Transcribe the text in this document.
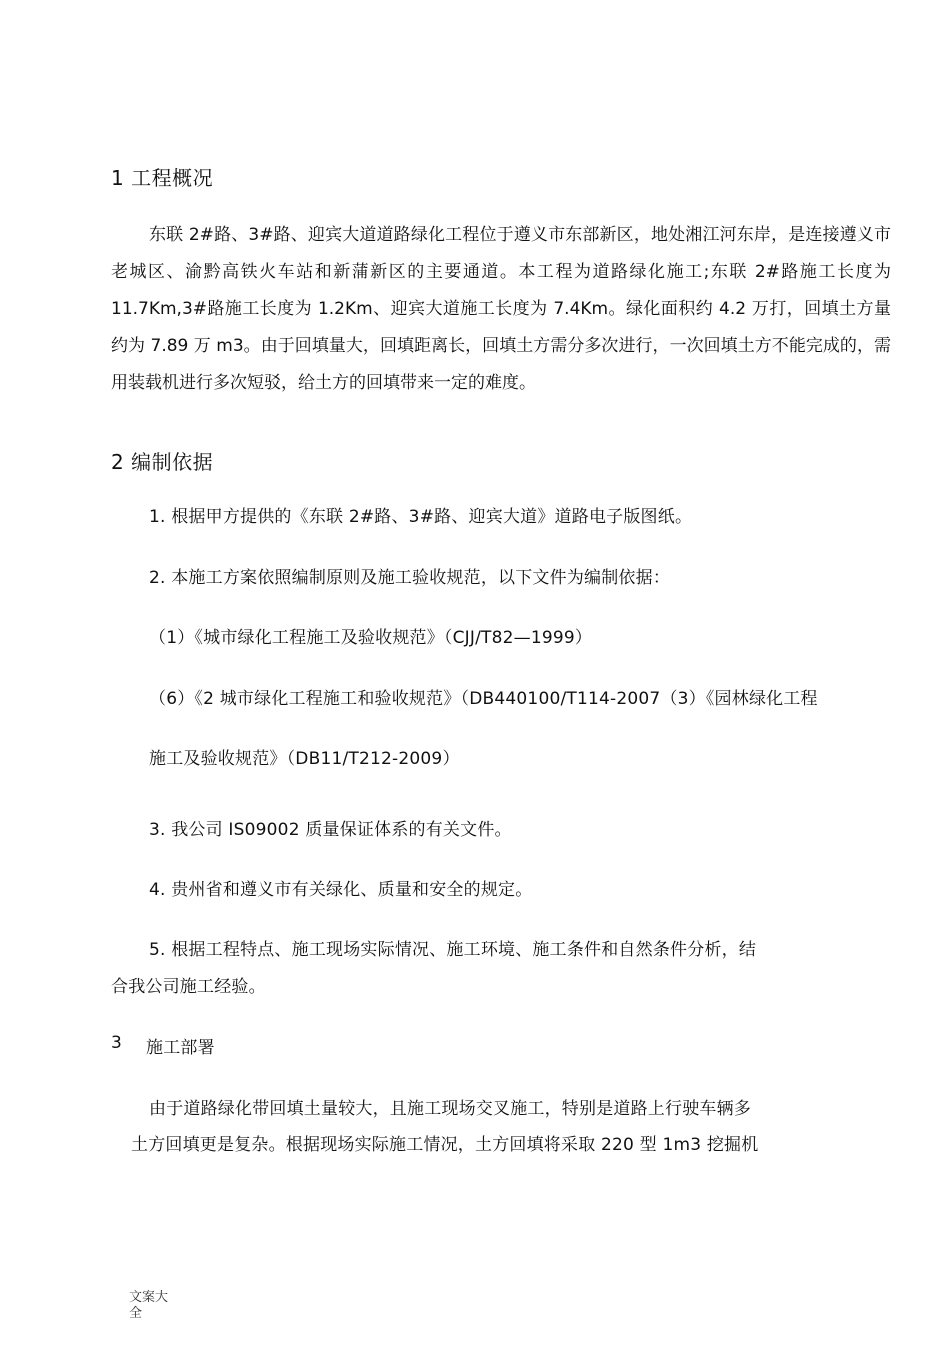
1 工程概况
东联 2#路、3#路、迎宾大道道路绿化工程位于遵义市东部新区，地处湘江河东岸，是连接遵义市老城区、渝黔高铁火车站和新蒲新区的主要通道。本工程为道路绿化施工;东联 2#路施工长度为 11.7Km,3#路施工长度为 1.2Km、迎宾大道施工长度为 7.4Km。绿化面积约 4.2 万打，回填土方量约为 7.89 万 m3。由于回填量大，回填距离长，回填土方需分多次进行，一次回填土方不能完成的，需用装载机进行多次短驳，给土方的回填带来一定的难度。
2 编制依据
1. 根据甲方提供的《东联 2#路、3#路、迎宾大道》道路电子版图纸。
2. 本施工方案依照编制原则及施工验收规范，以下文件为编制依据：
（1）《城市绿化工程施工及验收规范》（CJJ/T82—1999）
（6）《2 城市绿化工程施工和验收规范》（DB440100/T114-2007（3）《园林绿化工程
施工及验收规范》（DB11/T212-2009）
3. 我公司 IS09002 质量保证体系的有关文件。
4. 贵州省和遵义市有关绿化、质量和安全的规定。
5. 根据工程特点、施工现场实际情况、施工环境、施工条件和自然条件分析，结
合我公司施工经验。
3 施工部署
由于道路绿化带回填土量较大，且施工现场交叉施工，特别是道路上行驶车辆多
土方回填更是复杂。根据现场实际施工情况，土方回填将采取 220 型 1m3 挖掘机
文案大
全
